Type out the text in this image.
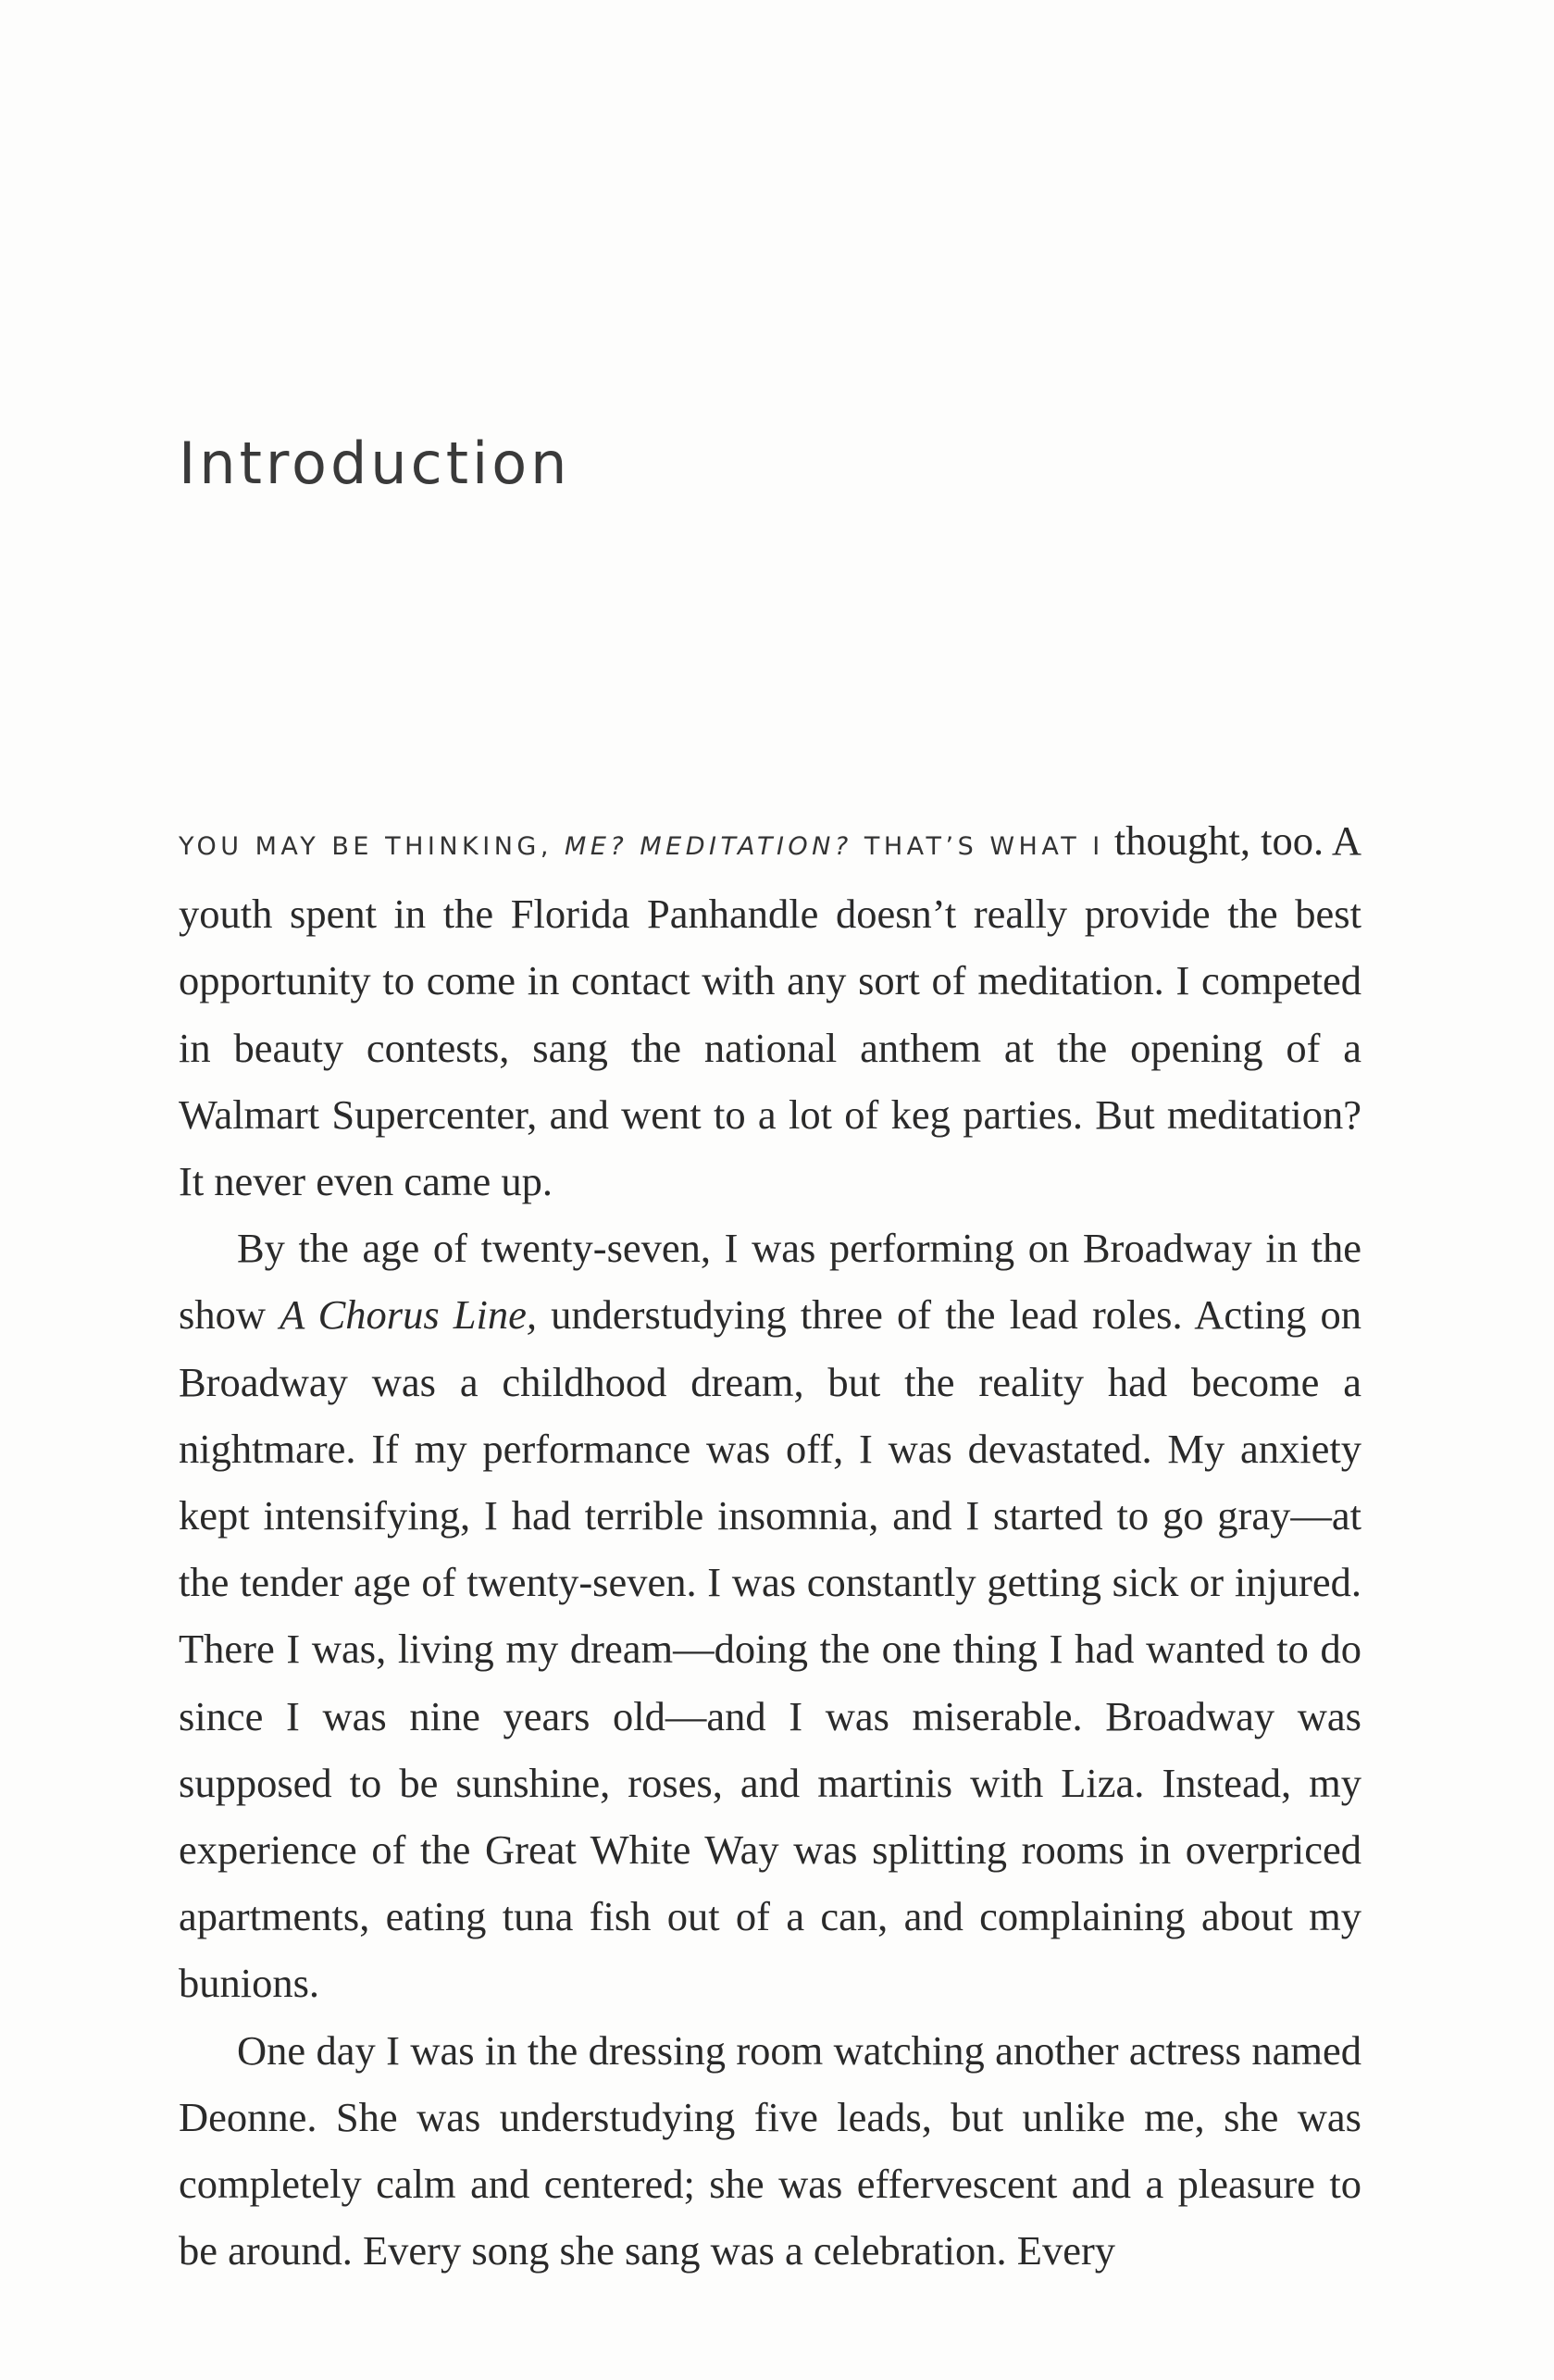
Introduction

YOU MAY BE THINKING, ME? MEDITATION? THAT’S WHAT I thought, too. A youth spent in the Florida Panhandle doesn’t really provide the best opportunity to come in contact with any sort of meditation. I competed in beauty contests, sang the national anthem at the opening of a Walmart Supercenter, and went to a lot of keg parties. But meditation? It never even came up.

By the age of twenty-seven, I was performing on Broadway in the show A Chorus Line, understudying three of the lead roles. Acting on Broadway was a childhood dream, but the reality had become a nightmare. If my performance was off, I was devastated. My anxiety kept intensifying, I had terrible insomnia, and I started to go gray—at the tender age of twenty-seven. I was constantly getting sick or injured. There I was, living my dream—doing the one thing I had wanted to do since I was nine years old—and I was miserable. Broadway was supposed to be sunshine, roses, and martinis with Liza. Instead, my experience of the Great White Way was splitting rooms in overpriced apartments, eating tuna fish out of a can, and complaining about my bunions.

One day I was in the dressing room watching another actress named Deonne. She was understudying five leads, but unlike me, she was completely calm and centered; she was effervescent and a pleasure to be around. Every song she sang was a celebration. Every
